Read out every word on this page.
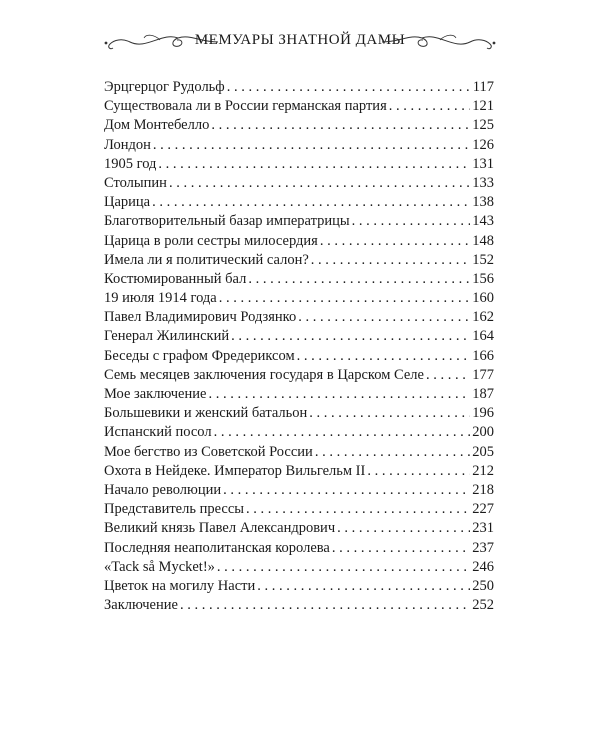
МЕМУАРЫ ЗНАТНОЙ ДАМЫ
Эрцгерцог Рудольф . . .	117
Существовала ли в России германская партия . . .	121
Дом Монтебелло . . .	125
Лондон . . .	126
1905 год . . .	131
Столыпин . . .	133
Царица . . .	138
Благотворительный базар императрицы . . .	143
Царица в роли сестры милосердия . . .	148
Имела ли я политический салон? . . .	152
Костюмированный бал . . .	156
19 июля 1914 года . . .	160
Павел Владимирович Родзянко . . .	162
Генерал Жилинский . . .	164
Беседы с графом Фредериксом . . .	166
Семь месяцев заключения государя в Царском Селе . . .	177
Мое заключение . . .	187
Большевики и женский батальон . . .	196
Испанский посол . . .	200
Мое бегство из Советской России . . .	205
Охота в Нейдеке. Император Вильгельм II . . .	212
Начало революции . . .	218
Представитель прессы . . .	227
Великий князь Павел Александрович . . .	231
Последняя неаполитанская королева . . .	237
«Tack så Mycket!» . . .	246
Цветок на могилу Насти . . .	250
Заключение . . .	252
